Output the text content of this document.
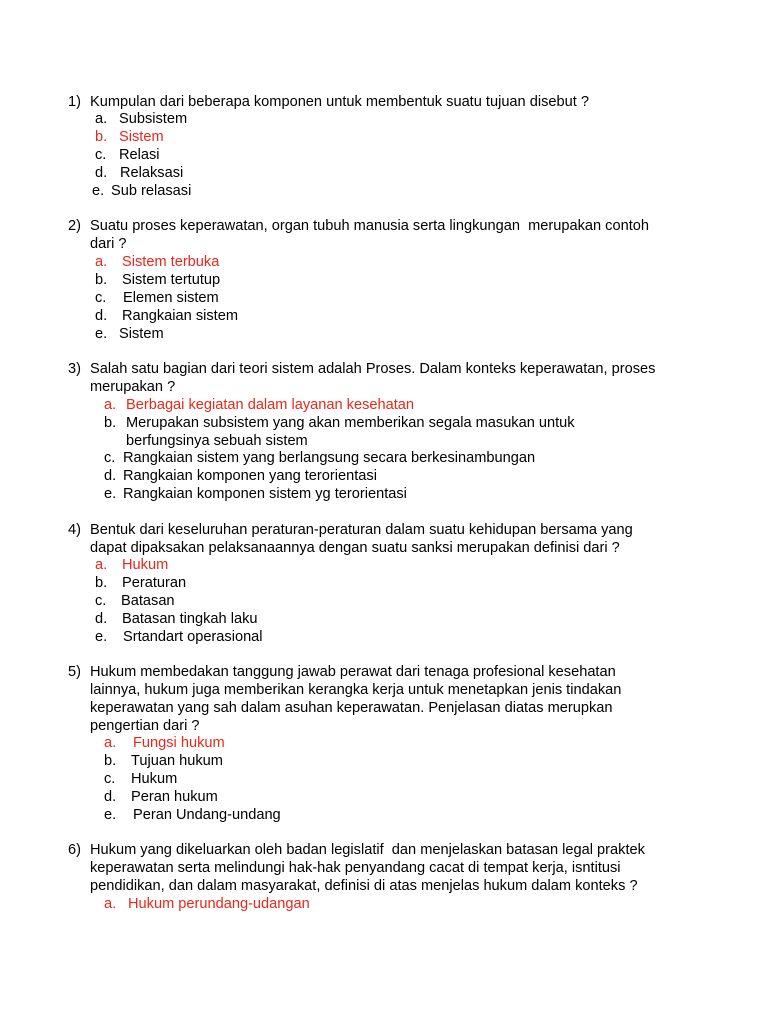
1) Kumpulan dari beberapa komponen untuk membentuk suatu tujuan disebut ?
a. Subsistem
b. Sistem
c. Relasi
d. Relaksasi
e. Sub relasasi
2) Suatu proses keperawatan, organ tubuh manusia serta lingkungan  merupakan contoh
dari ?
a. Sistem terbuka
b. Sistem tertutup
c. Elemen sistem
d. Rangkaian sistem
e. Sistem
3) Salah satu bagian dari teori sistem adalah Proses. Dalam konteks keperawatan, proses
merupakan ?
a. Berbagai kegiatan dalam layanan kesehatan
b. Merupakan subsistem yang akan memberikan segala masukan untuk
berfungsinya sebuah sistem
c. Rangkaian sistem yang berlangsung secara berkesinambungan
d. Rangkaian komponen yang terorientasi
e. Rangkaian komponen sistem yg terorientasi
4) Bentuk dari keseluruhan peraturan-peraturan dalam suatu kehidupan bersama yang
dapat dipaksakan pelaksanaannya dengan suatu sanksi merupakan definisi dari ?
a. Hukum
b. Peraturan
c. Batasan
d. Batasan tingkah laku
e. Srtandart operasional
5) Hukum membedakan tanggung jawab perawat dari tenaga profesional kesehatan
lainnya, hukum juga memberikan kerangka kerja untuk menetapkan jenis tindakan
keperawatan yang sah dalam asuhan keperawatan. Penjelasan diatas merupkan
pengertian dari ?
a. Fungsi hukum
b. Tujuan hukum
c. Hukum
d. Peran hukum
e. Peran Undang-undang
6) Hukum yang dikeluarkan oleh badan legislatif  dan menjelaskan batasan legal praktek
keperawatan serta melindungi hak-hak penyandang cacat di tempat kerja, isntitusi
pendidikan, dan dalam masyarakat, definisi di atas menjelas hukum dalam konteks ?
a. Hukum perundang-udangan
